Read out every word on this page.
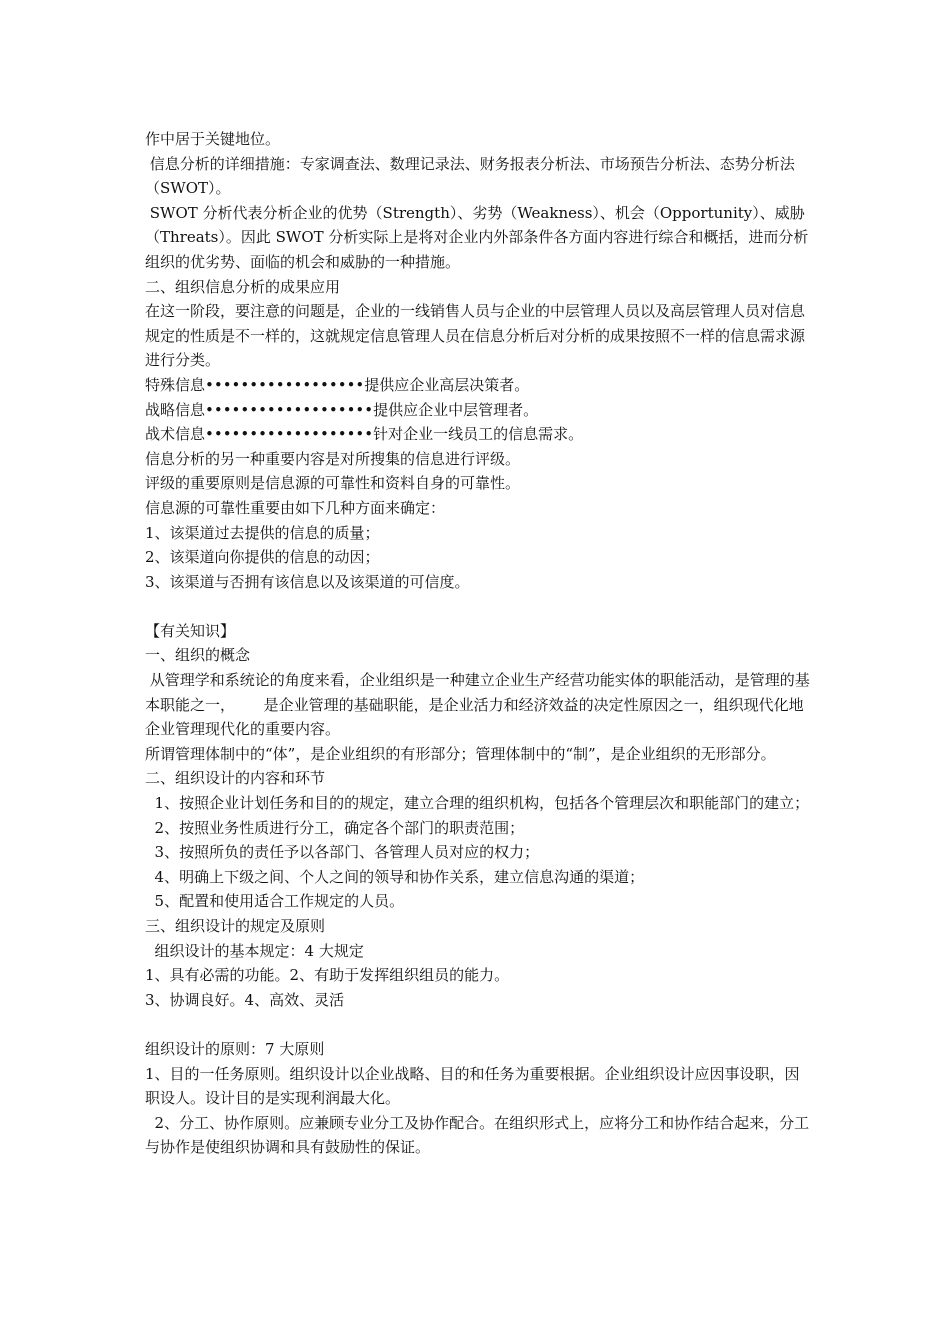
作中居于关键地位。

信息分析的详细措施：专家调查法、数理记录法、财务报表分析法、市场预告分析法、态势分析法（SWOT）。

SWOT 分析代表分析企业的优势（Strength）、劣势（Weakness）、机会（Opportunity）、威胁（Threats）。因此 SWOT 分析实际上是将对企业内外部条件各方面内容进行综合和概括，进而分析组织的优劣势、面临的机会和威胁的一种措施。

二、组织信息分析的成果应用

在这一阶段，要注意的问题是，企业的一线销售人员与企业的中层管理人员以及高层管理人员对信息规定的性质是不一样的，这就规定信息管理人员在信息分析后对分析的成果按照不一样的信息需求源进行分类。

特殊信息••••••••••••••••••提供应企业高层决策者。

战略信息•••••••••••••••••••提供应企业中层管理者。

战术信息•••••••••••••••••••针对企业一线员工的信息需求。

信息分析的另一种重要内容是对所搜集的信息进行评级。

评级的重要原则是信息源的可靠性和资料自身的可靠性。

信息源的可靠性重要由如下几种方面来确定：

1、该渠道过去提供的信息的质量；

2、该渠道向你提供的信息的动因；

3、该渠道与否拥有该信息以及该渠道的可信度。

【有关知识】

一、组织的概念

从管理学和系统论的角度来看，企业组织是一种建立企业生产经营功能实体的职能活动，是管理的基本职能之一，      是企业管理的基础职能，是企业活力和经济效益的决定性原因之一，组织现代化地企业管理现代化的重要内容。

所谓管理体制中的“体”，是企业组织的有形部分；管理体制中的“制”，是企业组织的无形部分。

二、组织设计的内容和环节

1、按照企业计划任务和目的的规定，建立合理的组织机构，包括各个管理层次和职能部门的建立；

2、按照业务性质进行分工，确定各个部门的职责范围；

3、按照所负的责任予以各部门、各管理人员对应的权力；

4、明确上下级之间、个人之间的领导和协作关系，建立信息沟通的渠道；

5、配置和使用适合工作规定的人员。

三、组织设计的规定及原则

组织设计的基本规定：4 大规定

1、具有必需的功能。2、有助于发挥组织组员的能力。

3、协调良好。4、高效、灵活

组织设计的原则：7 大原则

1、目的一任务原则。组织设计以企业战略、目的和任务为重要根据。企业组织设计应因事设职，因职设人。设计目的是实现利润最大化。

2、分工、协作原则。应兼顾专业分工及协作配合。在组织形式上，应将分工和协作结合起来，分工与协作是使组织协调和具有鼓励性的保证。
